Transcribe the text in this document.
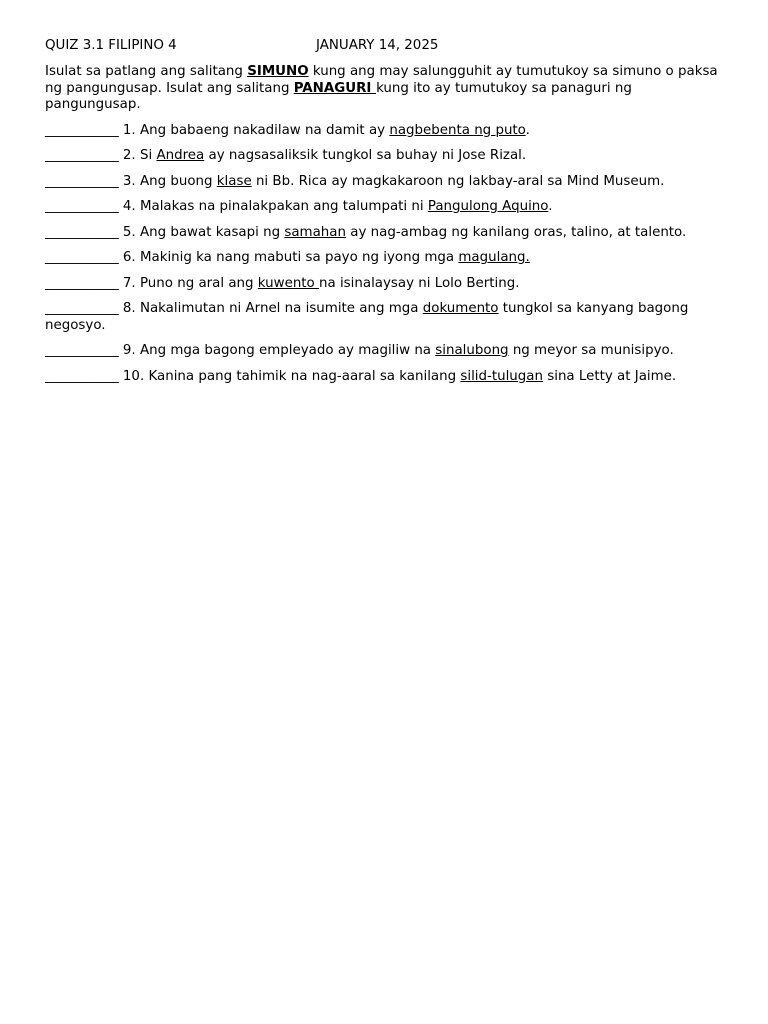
QUIZ 3.1 FILIPINO 4	JANUARY 14, 2025
Isulat sa patlang ang salitang SIMUNO kung ang may salungguhit ay tumutukoy sa simuno o paksa ng pangungusap. Isulat ang salitang PANAGURI kung ito ay tumutukoy sa panaguri ng pangungusap.
___________ 1. Ang babaeng nakadilaw na damit ay nagbebenta ng puto.
___________ 2. Si Andrea ay nagsasaliksik tungkol sa buhay ni Jose Rizal.
___________ 3. Ang buong klase ni Bb. Rica ay magkakaroon ng lakbay-aral sa Mind Museum.
___________ 4. Malakas na pinalakpakan ang talumpati ni Pangulong Aquino.
___________ 5. Ang bawat kasapi ng samahan ay nag-ambag ng kanilang oras, talino, at talento.
___________ 6. Makinig ka nang mabuti sa payo ng iyong mga magulang.
___________ 7. Puno ng aral ang kuwento na isinalaysay ni Lolo Berting.
___________ 8. Nakalimutan ni Arnel na isumite ang mga dokumento tungkol sa kanyang bagong negosyo.
___________ 9. Ang mga bagong empleyado ay magiliw na sinalubong ng meyor sa munisipyo.
___________ 10. Kanina pang tahimik na nag-aaral sa kanilang silid-tulugan sina Letty at Jaime.
